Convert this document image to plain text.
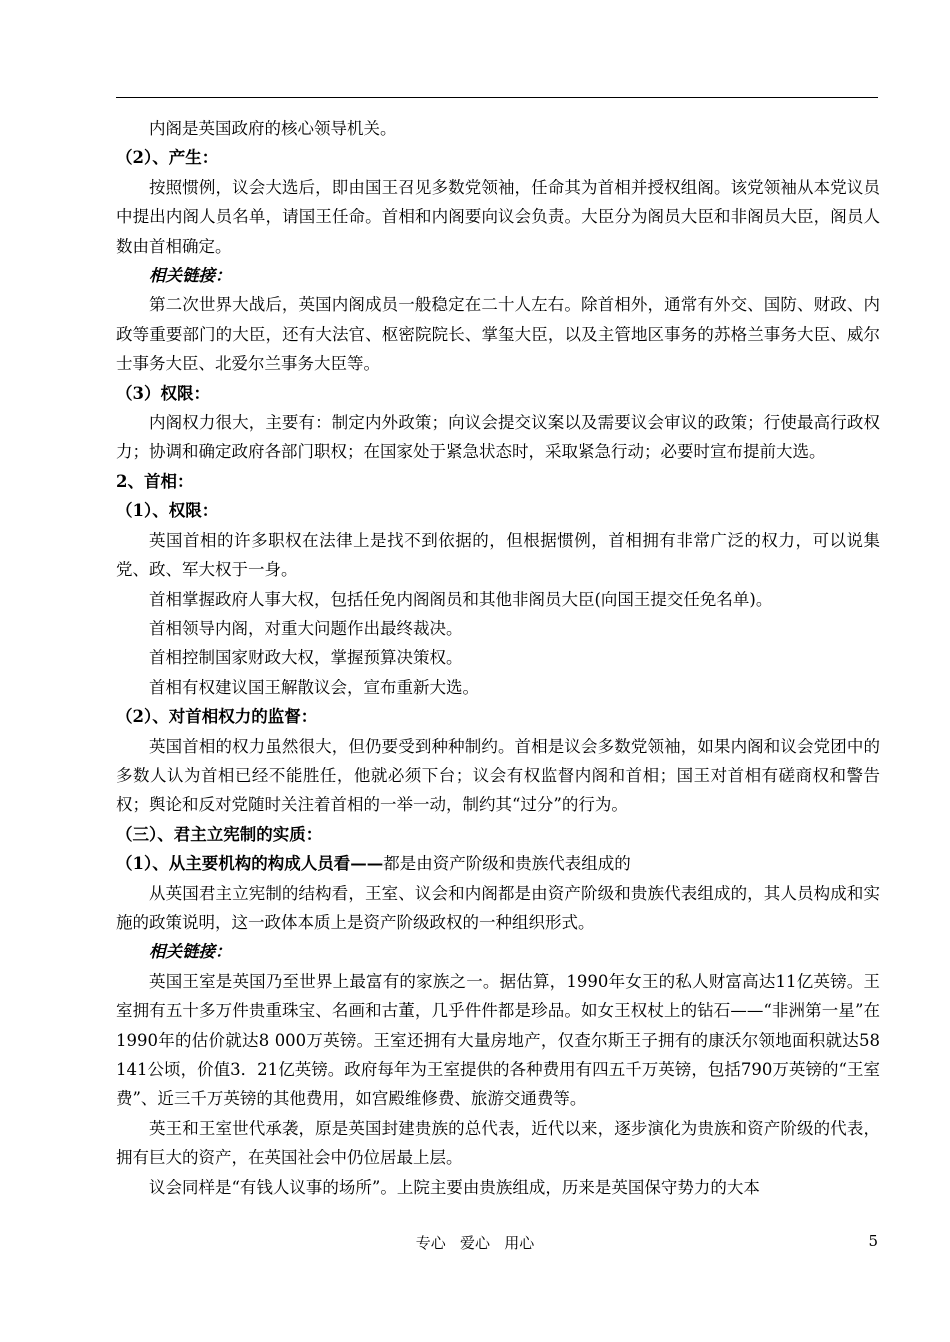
内阁是英国政府的核心领导机关。

（2）、产生：

按照惯例，议会大选后，即由国王召见多数党领袖，任命其为首相并授权组阁。该党领袖从本党议员中提出内阁人员名单，请国王任命。首相和内阁要向议会负责。大臣分为阁员大臣和非阁员大臣，阁员人数由首相确定。

相关链接：

第二次世界大战后，英国内阁成员一般稳定在二十人左右。除首相外，通常有外交、国防、财政、内政等重要部门的大臣，还有大法官、枢密院院长、掌玺大臣，以及主管地区事务的苏格兰事务大臣、威尔士事务大臣、北爱尔兰事务大臣等。

（3）权限：

内阁权力很大，主要有：制定内外政策；向议会提交议案以及需要议会审议的政策；行使最高行政权力；协调和确定政府各部门职权；在国家处于紧急状态时，采取紧急行动；必要时宣布提前大选。

2、首相：

（1）、权限：

英国首相的许多职权在法律上是找不到依据的，但根据惯例，首相拥有非常广泛的权力，可以说集党、政、军大权于一身。

首相掌握政府人事大权，包括任免内阁阁员和其他非阁员大臣(向国王提交任免名单)。

首相领导内阁，对重大问题作出最终裁决。

首相控制国家财政大权，掌握预算决策权。

首相有权建议国王解散议会，宣布重新大选。

（2）、对首相权力的监督：

英国首相的权力虽然很大，但仍要受到种种制约。首相是议会多数党领袖，如果内阁和议会党团中的多数人认为首相已经不能胜任，他就必须下台；议会有权监督内阁和首相；国王对首相有磋商权和警告权；舆论和反对党随时关注着首相的一举一动，制约其“过分”的行为。

（三）、君主立宪制的实质：

（1）、从主要机构的构成人员看——都是由资产阶级和贵族代表组成的

从英国君主立宪制的结构看，王室、议会和内阁都是由资产阶级和贵族代表组成的，其人员构成和实施的政策说明，这一政体本质上是资产阶级政权的一种组织形式。

相关链接：

英国王室是英国乃至世界上最富有的家族之一。据估算，1990年女王的私人财富高达11亿英镑。王室拥有五十多万件贵重珠宝、名画和古董，几乎件件都是珍品。如女王权杖上的钻石——“非洲第一星”在1990年的估价就达8 000万英镑。王室还拥有大量房地产，仅查尔斯王子拥有的康沃尔领地面积就达58 141公顷，价值3．21亿英镑。政府每年为王室提供的各种费用有四五千万英镑，包括790万英镑的“王室费”、近三千万英镑的其他费用，如宫殿维修费、旅游交通费等。

英王和王室世代承袭，原是英国封建贵族的总代表，近代以来，逐步演化为贵族和资产阶级的代表，拥有巨大的资产，在英国社会中仍位居最上层。

议会同样是“有钱人议事的场所”。上院主要由贵族组成，历来是英国保守势力的大本

专心   爱心   用心	5
